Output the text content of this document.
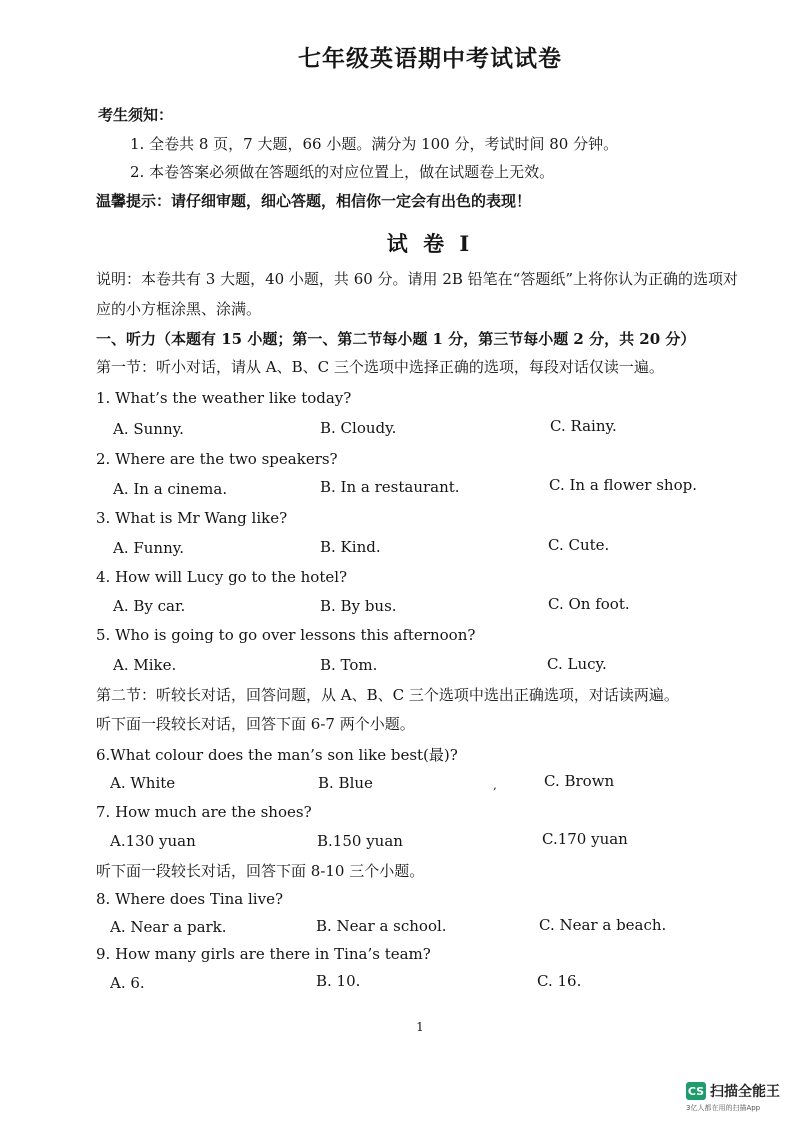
七年级英语期中考试试卷
考生须知：
1. 全卷共 8 页，7 大题，66 小题。满分为 100 分，考试时间 80 分钟。
2. 本卷答案必须做在答题纸的对应位置上，做在试题卷上无效。
温馨提示：请仔细审题，细心答题，相信你一定会有出色的表现！
试 卷 Ⅰ
说明：本卷共有 3 大题，40 小题，共 60 分。请用 2B 铅笔在“答题纸”上将你认为正确的选项对
应的小方框涂黑、涂满。
一、听力（本题有 15 小题；第一、第二节每小题 1 分，第三节每小题 2 分，共 20 分）
第一节：听小对话，请从 A、B、C 三个选项中选择正确的选项，每段对话仅读一遍。
1. What’s the weather like today?
A. Sunny.	B. Cloudy.	C. Rainy.
2. Where are the two speakers?
A. In a cinema.	B. In a restaurant.	C. In a flower shop.
3. What is Mr Wang like?
A. Funny.	B. Kind.	C. Cute.
4. How will Lucy go to the hotel?
A. By car.	B. By bus.	C. On foot.
5. Who is going to go over lessons this afternoon?
A. Mike.	B. Tom.	C. Lucy.
第二节：听较长对话，回答问题，从 A、B、C 三个选项中选出正确选项，对话读两遍。
听下面一段较长对话，回答下面 6-7 两个小题。
6.What colour does the man’s son like best(最)?
A. White	B. Blue	,	C. Brown
7. How much are the shoes?
A.130 yuan	B.150 yuan	C.170 yuan
听下面一段较长对话，回答下面 8-10 三个小题。
8. Where does Tina live?
A. Near a park.	B. Near a school.	C. Near a beach.
9. How many girls are there in Tina’s team?
A. 6.	B. 10.	C. 16.
1
CS 扫描全能王
3亿人都在用的扫描App
